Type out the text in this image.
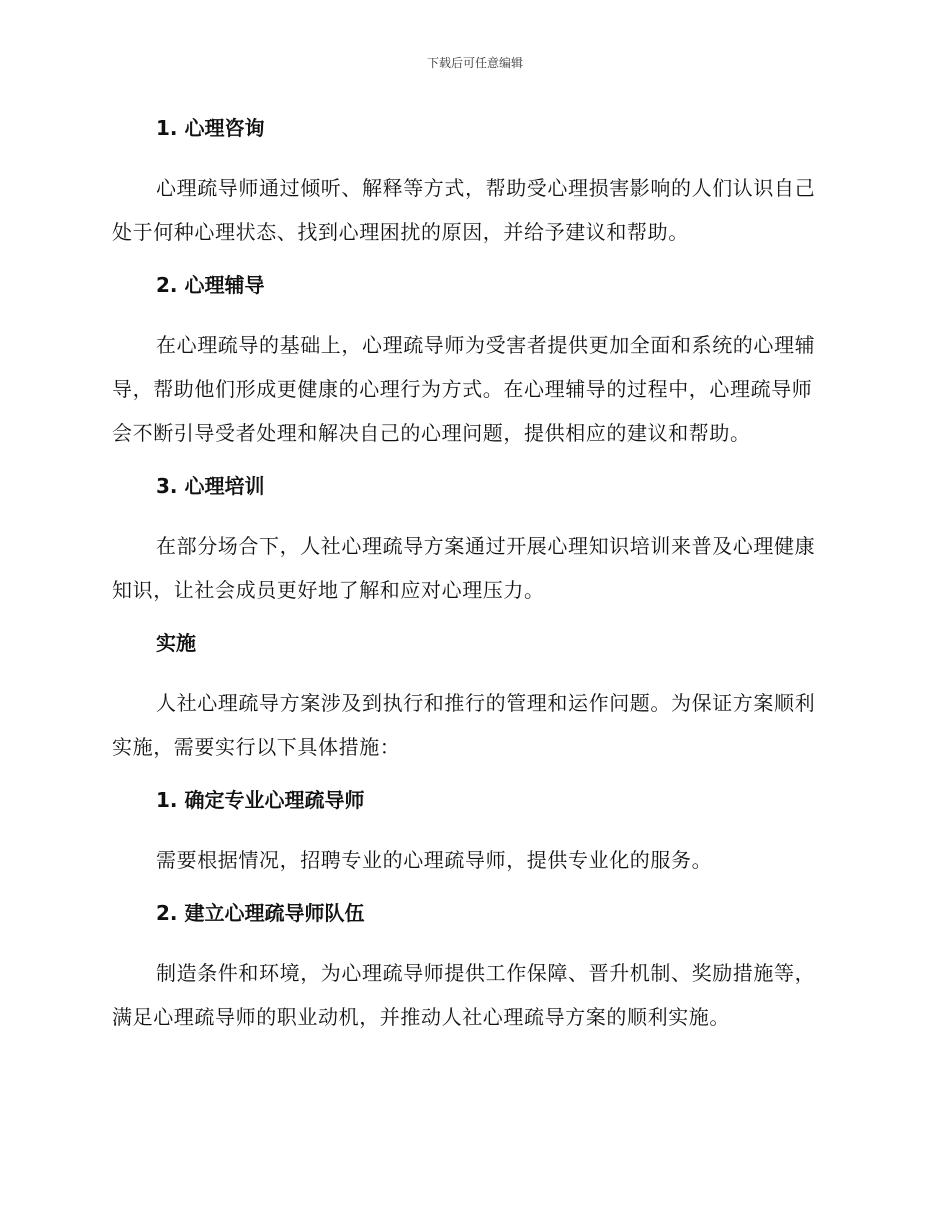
下载后可任意编辑
1. 心理咨询

心理疏导师通过倾听、解释等方式，帮助受心理损害影响的人们认识自己处于何种心理状态、找到心理困扰的原因，并给予建议和帮助。

2. 心理辅导

在心理疏导的基础上，心理疏导师为受害者提供更加全面和系统的心理辅导，帮助他们形成更健康的心理行为方式。在心理辅导的过程中，心理疏导师会不断引导受者处理和解决自己的心理问题，提供相应的建议和帮助。

3. 心理培训

在部分场合下，人社心理疏导方案通过开展心理知识培训来普及心理健康知识，让社会成员更好地了解和应对心理压力。

实施

人社心理疏导方案涉及到执行和推行的管理和运作问题。为保证方案顺利实施，需要实行以下具体措施：

1. 确定专业心理疏导师

需要根据情况，招聘专业的心理疏导师，提供专业化的服务。

2. 建立心理疏导师队伍

制造条件和环境，为心理疏导师提供工作保障、晋升机制、奖励措施等，满足心理疏导师的职业动机，并推动人社心理疏导方案的顺利实施。
